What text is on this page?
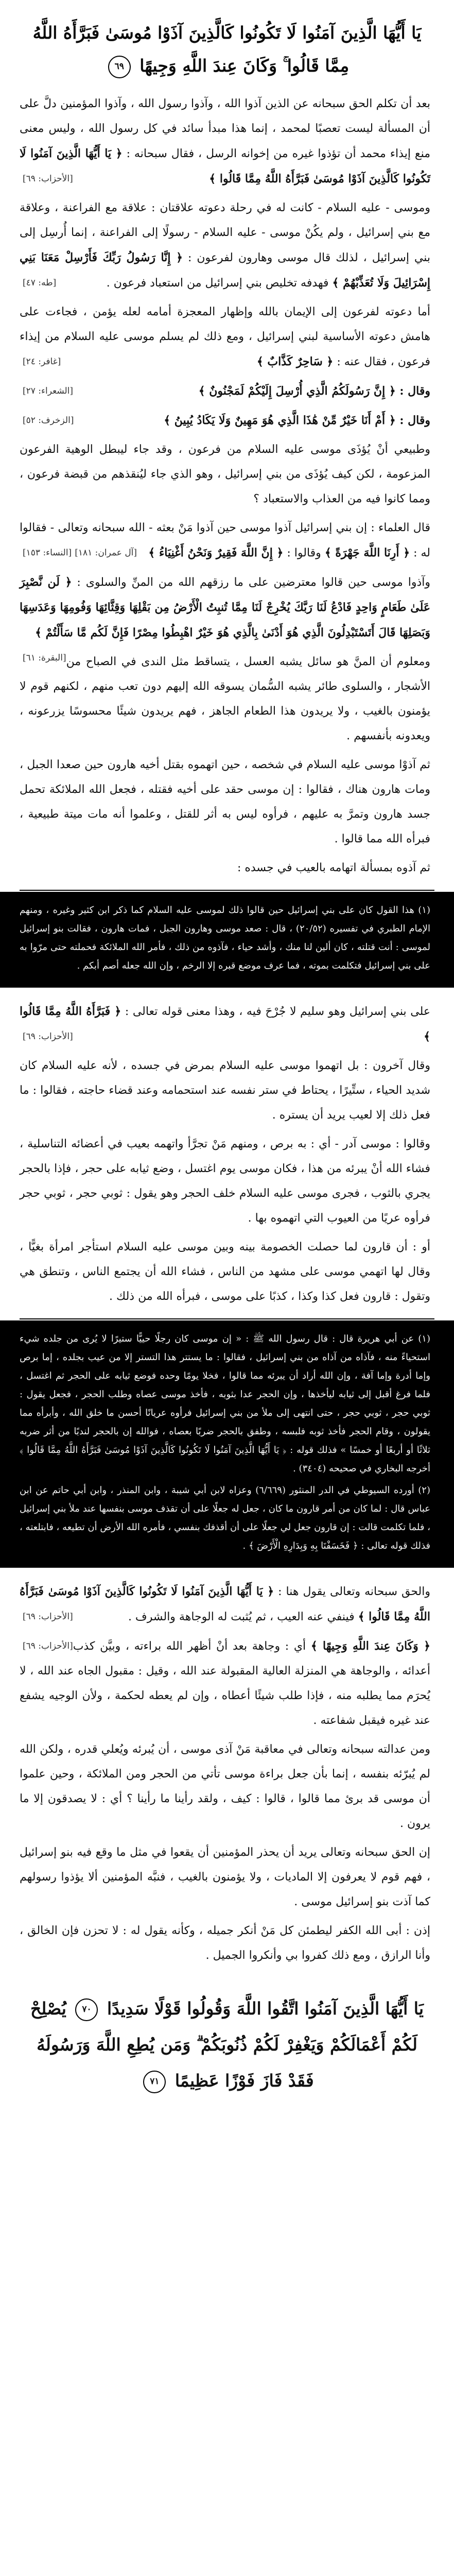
يَا أَيُّهَا الَّذِينَ آمَنُوا لَا تَكُونُوا كَالَّذِينَ آذَوْا مُوسَىٰ فَبَرَّأَهُ اللَّهُ مِمَّا قَالُوا ۚ وَكَانَ عِندَ اللَّهِ وَجِيهًا ٦٩

بعد أن تكلم الحق سبحانه عن الذين آذوا الله ، وآذوا رسول الله ، وآذوا المؤمنين دلَّ على أن المسألة ليست تعصبًا لمحمد ، إنما هذا مبدأ سائد في كل رسول الله ، وليس معنى منع إيذاء محمد أن تؤذوا غيره من إخوانه الرسل ، فقال سبحانه : ﴿ يَا أَيُّهَا الَّذِينَ آمَنُوا لَا تَكُونُوا كَالَّذِينَ آذَوْا مُوسَىٰ فَبَرَّأَهُ اللَّهُ مِمَّا قَالُوا ﴾
[الأحزاب: ٦٩]

وموسى - عليه السلام - كانت له في رحلة دعوته علاقتان : علاقة مع الفراعنة ، وعلاقة مع بني إسرائيل ، ولم يكُنْ موسى - عليه السلام - رسولًا إلى الفراعنة ، إنما أُرسِل إلى بني إسرائيل ، لذلك قال موسى وهارون لفرعون : ﴿ إِنَّا رَسُولُ رَبِّكَ فَأَرْسِلْ مَعَنَا بَنِي إِسْرَائِيلَ وَلَا تُعَذِّبْهُمْ ﴾
[طه: ٤٧]	فهدفه تخليص بني إسرائيل من استعباد فرعون .

أما دعوته لفرعون إلى الإيمان بالله وإظهار المعجزة أمامه لعله يؤمن ، فجاءت على هامش دعوته الأساسية لبني إسرائيل ، ومع ذلك لم يسلم موسى عليه السلام من إيذاء فرعون ، فقال عنه : ﴿ سَاحِرٌ كَذَّابٌ ﴾
[غافر: ٢٤]

وقال : ﴿ إِنَّ رَسُولَكُمُ الَّذِي أُرْسِلَ إِلَيْكُمْ لَمَجْنُونٌ ﴾
[الشعراء: ٢٧]

وقال : ﴿ أَمْ أَنَا خَيْرٌ مِّنْ هَٰذَا الَّذِي هُوَ مَهِينٌ وَلَا يَكَادُ يُبِينُ ﴾
[الزخرف: ٥٢]

وطبيعي أنْ يُؤذَى موسى عليه السلام من فرعون ، وقد جاء ليبطل الوهية الفرعون المزعومة ، لكن كيف يُؤذَى من بني إسرائيل ، وهو الذي جاء ليُنقذهم من قبضة فرعون ، ومما كانوا فيه من العذاب والاستعباد ؟

قال العلماء : إن بني إسرائيل آذوا موسى حين آذوا مَنْ بعثه - الله سبحانه وتعالى - فقالوا له : ﴿ أَرِنَا اللَّهَ جَهْرَةً ﴾
[النساء: ١٥٣]	وقالوا : ﴿ إِنَّ اللَّهَ فَقِيرٌ وَنَحْنُ أَغْنِيَاءُ ﴾
[آل عمران: ١٨١]

وآذوا موسى حين قالوا معترضين على ما رزقهم الله من المنِّ والسلوى : ﴿ لَن نَّصْبِرَ عَلَىٰ طَعَامٍ وَاحِدٍ فَادْعُ لَنَا رَبَّكَ يُخْرِجْ لَنَا مِمَّا تُنبِتُ الْأَرْضُ مِن بَقْلِهَا وَقِثَّائِهَا وَفُومِهَا وَعَدَسِهَا وَبَصَلِهَا قَالَ أَتَسْتَبْدِلُونَ الَّذِي هُوَ أَدْنَىٰ بِالَّذِي هُوَ خَيْرٌ اهْبِطُوا مِصْرًا فَإِنَّ لَكُم مَّا سَأَلْتُمْ ﴾
[البقرة: ٦١] ومعلوم أن المنَّ هو سائل يشبه العسل ، يتساقط مثل الندى في الصباح من الأشجار ، والسلوى طائر يشبه السُّمان يسوقه الله إليهم دون تعب منهم ، لكنهم قوم لا يؤمنون بالغيب ، ولا يريدون هذا الطعام الجاهز ، فهم يريدون شيئًا محسوسًا يزرعونه ، ويعدونه بأنفسهم .

ثم آذوْا موسى عليه السلام في شخصه ، حين اتهموه بقتل أخيه هارون حين صعدا الجبل ، ومات هارون هناك ، فقالوا : إن موسى حقد على أخيه فقتله ، فجعل الله الملائكة تحمل جسد هارون وتمرَّ به عليهم ، فرأوه ليس به أثر للقتل ، وعلموا أنه مات ميتة طبيعية ، فبرأه الله مما قالوا .

ثم آذوه بمسألة اتهامه بالعيب في جسده :

(١) هذا القول كان على بني إسرائيل حين قالوا ذلك لموسى عليه السلام كما ذكر ابن كثير وغيره ، ومنهم الإمام الطبري في تفسيره (٢٠/٥٢) ، قال : صعد موسى وهارون الجبل ، فمات هارون ، فقالت بنو إسرائيل لموسى : أنت قتلته ، كان ألين لنا منك ، وأشد حياء ، فآذوه من ذلك ، فأمر الله الملائكة فحملته حتى مرّوا به على بني إسرائيل فتكلمت بموته ، فما عرف موضع قبره إلا الرخم ، وإن الله جعله أصم أبكم .

على بني إسرائيل وهو سليم لا جُرْحَ فيه ، وهذا معنى قوله تعالى : ﴿ فَبَرَّأَهُ اللَّهُ مِمَّا قَالُوا ﴾
[الأحزاب: ٦٩]

وقال آخرون : بل اتهموا موسى عليه السلام بمرض في جسده ، لأنه عليه السلام كان شديد الحياء ، ستِّيرًا ، يحتاط في ستر نفسه عند استحمامه وعند قضاء حاجته ، فقالوا : ما فعل ذلك إلا لعيب يريد أن يستره .

وقالوا : موسى آدر - أي : به برص ، ومنهم مَنْ تجرَّأ واتهمه بعيب في أعضائه التناسلية ، فشاء الله أنْ يبرئه من هذا ، فكان موسى يوم اغتسل ، وضع ثيابه على حجر ، فإذا بالحجر يجري بالثوب ، فجرى موسى عليه السلام خلف الحجر وهو يقول : ثوبي حجر ، ثوبي حجر فرأوه عريًا من العيوب التي اتهموه بها .

أو : أن قارون لما حصلت الخصومة بينه وبين موسى عليه السلام استأجر امرأة بغيًّا ، وقال لها اتهمي موسى على مشهد من الناس ، فشاء الله أن يجتمع الناس ، وتنطق هي وتقول : قارون فعل كذا وكذا ، كذبًا على موسى ، فبرأه الله من ذلك .

(١) عن أبي هريرة قال : قال رسول الله ﷺ : « إن موسى كان رجلًا حييًّا ستيرًا لا يُرى من جلده شيء استحياءً منه ، فآذاه من آذاه من بني إسرائيل ، فقالوا : ما يستتر هذا التستر إلا من عيب بجلده ، إما برص وإما أدرة وإما آفة ، وإن الله أراد أن يبرئه مما قالوا ، فخلا يومًا وحده فوضع ثيابه على الحجر ثم اغتسل ، فلما فرغ أقبل إلى ثيابه ليأخذها ، وإن الحجر عدا بثوبه ، فأخذ موسى عصاه وطلب الحجر ، فجعل يقول : ثوبي حجر ، ثوبي حجر ، حتى انتهى إلى ملأ من بني إسرائيل فرأوه عريانًا أحسن ما خلق الله ، وأبرأه مما يقولون ، وقام الحجر فأخذ ثوبه فلبسه ، وطفق بالحجر ضربًا بعصاه ، فوالله إن بالحجر لندبًا من أثر ضربه ثلاثًا أو أربعًا أو خمسًا » فذلك قوله : ﴿ يَا أَيُّهَا الَّذِينَ آمَنُوا لَا تَكُونُوا كَالَّذِينَ آذَوْا مُوسَىٰ فَبَرَّأَهُ اللَّهُ مِمَّا قَالُوا ﴾ أخرجه البخاري في صحيحه (٣٤٠٤) .

(٢) أورده السيوطي في الدر المنثور (٦/٦٦٩) وعزاه لابن أبي شيبة ، وابن المنذر ، وابن أبي حاتم عن ابن عباس قال : لما كان من أمر قارون ما كان ، جعل له جعلًا على أن تقذف موسى بنفسها عند ملأ بني إسرائيل ، فلما تكلمت قالت : إن قارون جعل لي جعلًا على أن أقذفك بنفسي ، فأمره الله الأرض أن تطيعه ، فابتلعته ، فذلك قوله تعالى : ﴿ فَخَسَفْنَا بِهِ وَبِدَارِهِ الْأَرْضَ ﴾ .

والحق سبحانه وتعالى يقول هنا : ﴿ يَا أَيُّهَا الَّذِينَ آمَنُوا لَا تَكُونُوا كَالَّذِينَ آذَوْا مُوسَىٰ فَبَرَّأَهُ اللَّهُ مِمَّا قَالُوا ﴾
[الأحزاب: ٦٩]	فينفي عنه العيب ، ثم يُثبت له الوجاهة والشرف .

﴿ وَكَانَ عِندَ اللَّهِ وَجِيهًا ﴾
[الأحزاب: ٦٩] أي : وجاهة بعد أنْ أظهر الله براءته ، وبيَّن كذب أعدائه ، والوجاهة هي المنزلة العالية المقبولة عند الله ، وقيل : مقبول الجاه عند الله ، لا يُحرَم مما يطلبه منه ، فإذا طلب شيئًا أعطاه ، وإن لم يعطه لحكمة ، ولأن الوجيه يشفع عند غيره فيقبل شفاعته .

ومن عدالته سبحانه وتعالى في معاقبة مَنْ آذى موسى ، أن يُبرئه ويُعلي قدره ، ولكن الله لم يُبرّئه بنفسه ، إنما بأن جعل براءة موسى تأتي من الحجر ومن الملائكة ، وحين علموا أن موسى قد برئ مما قالوا ، قالوا : كيف ، ولقد رأينا ما رأينا ؟ أي : لا يصدقون إلا ما يرون .

إن الحق سبحانه وتعالى يريد أن يحذر المؤمنين أن يقعوا في مثل ما وقع فيه بنو إسرائيل ، فهم قوم لا يعرفون إلا الماديات ، ولا يؤمنون بالغيب ، فنبَّه المؤمنين ألا يؤذوا رسولهم كما آذت بنو إسرائيل موسى .

إذن : أبى الله الكفر ليطمئن كل مَنْ أنكر جميله ، وكأنه يقول له : لا تحزن فإن الخالق ، وأنا الرازق ، ومع ذلك كفروا بي وأنكروا الجميل .

يَا أَيُّهَا الَّذِينَ آمَنُوا اتَّقُوا اللَّهَ وَقُولُوا قَوْلًا سَدِيدًا ٧٠ يُصْلِحْ لَكُمْ أَعْمَالَكُمْ وَيَغْفِرْ لَكُمْ ذُنُوبَكُمْ ۗ وَمَن يُطِعِ اللَّهَ وَرَسُولَهُ فَقَدْ فَازَ فَوْزًا عَظِيمًا ٧١
